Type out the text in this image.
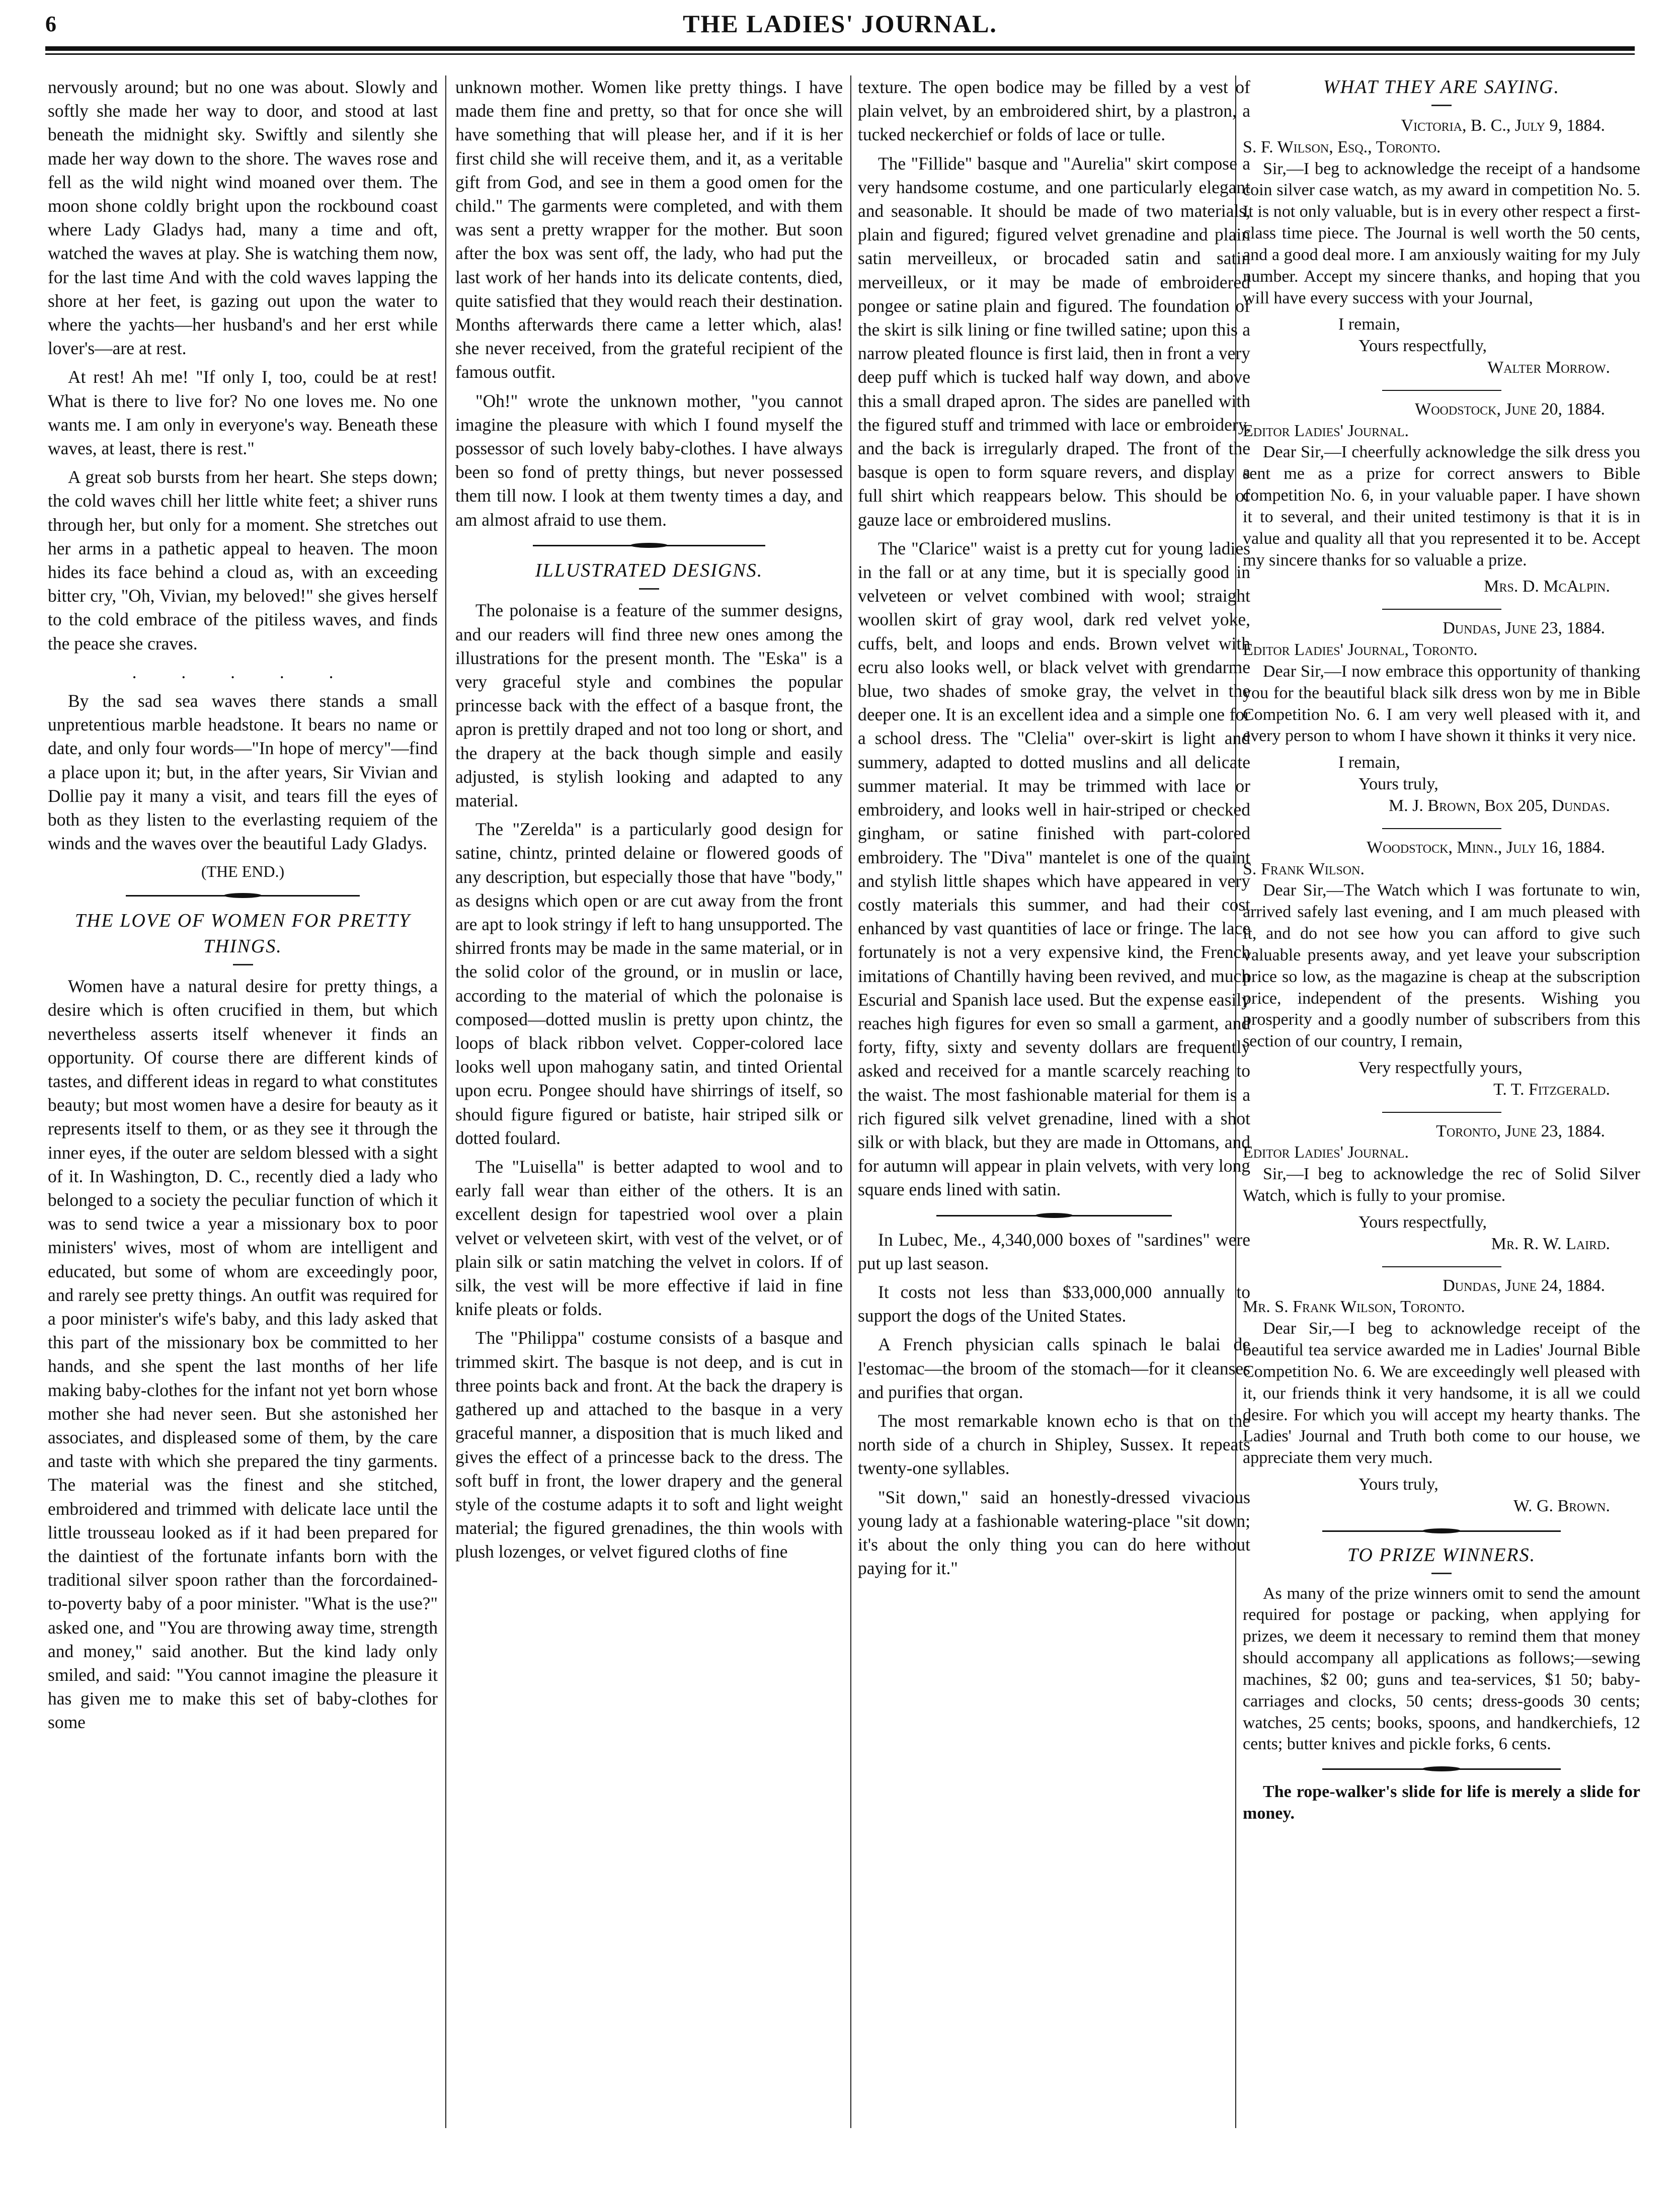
6	THE LADIES' JOURNAL.

nervously around; but no one was about. Slowly and softly she made her way to door, and stood at last beneath the midnight sky. Swiftly and silently she made her way down to the shore. The waves rose and fell as the wild night wind moaned over them. The moon shone coldly bright upon the rockbound coast where Lady Gladys had, many a time and oft, watched the waves at play. She is watching them now, for the last time And with the cold waves lapping the shore at her feet, is gazing out upon the water to where the yachts—her husband's and her erst while lover's—are at rest.

At rest! Ah me! "If only I, too, could be at rest! What is there to live for? No one loves me. No one wants me. I am only in everyone's way. Beneath these waves, at least, there is rest."

A great sob bursts from her heart. She steps down; the cold waves chill her little white feet; a shiver runs through her, but only for a moment. She stretches out her arms in a pathetic appeal to heaven. The moon hides its face behind a cloud as, with an exceeding bitter cry, "Oh, Vivian, my beloved!" she gives herself to the cold embrace of the pitiless waves, and finds the peace she craves.

. . . . .

By the sad sea waves there stands a small unpretentious marble headstone. It bears no name or date, and only four words—"In hope of mercy"—find a place upon it; but, in the after years, Sir Vivian and Dollie pay it many a visit, and tears fill the eyes of both as they listen to the everlasting requiem of the winds and the waves over the beautiful Lady Gladys.

(THE END.)
THE LOVE OF WOMEN FOR PRETTY THINGS.

Women have a natural desire for pretty things, a desire which is often crucified in them, but which nevertheless asserts itself whenever it finds an opportunity. Of course there are different kinds of tastes, and different ideas in regard to what constitutes beauty; but most women have a desire for beauty as it represents itself to them, or as they see it through the inner eyes, if the outer are seldom blessed with a sight of it. In Washington, D. C., recently died a lady who belonged to a society the peculiar function of which it was to send twice a year a missionary box to poor ministers' wives, most of whom are intelligent and educated, but some of whom are exceedingly poor, and rarely see pretty things. An outfit was required for a poor minister's wife's baby, and this lady asked that this part of the missionary box be committed to her hands, and she spent the last months of her life making baby-clothes for the infant not yet born whose mother she had never seen. But she astonished her associates, and displeased some of them, by the care and taste with which she prepared the tiny garments. The material was the finest and she stitched, embroidered and trimmed with delicate lace until the little trousseau looked as if it had been prepared for the daintiest of the fortunate infants born with the traditional silver spoon rather than the forcordained-to-poverty baby of a poor minister. "What is the use?" asked one, and "You are throwing away time, strength and money," said another. But the kind lady only smiled, and said: "You cannot imagine the pleasure it has given me to make this set of baby-clothes for some

unknown mother. Women like pretty things. I have made them fine and pretty, so that for once she will have something that will please her, and if it is her first child she will receive them, and it, as a veritable gift from God, and see in them a good omen for the child." The garments were completed, and with them was sent a pretty wrapper for the mother. But soon after the box was sent off, the lady, who had put the last work of her hands into its delicate contents, died, quite satisfied that they would reach their destination. Months afterwards there came a letter which, alas! she never received, from the grateful recipient of the famous outfit.

"Oh!" wrote the unknown mother, "you cannot imagine the pleasure with which I found myself the possessor of such lovely baby-clothes. I have always been so fond of pretty things, but never possessed them till now. I look at them twenty times a day, and am almost afraid to use them.

ILLUSTRATED DESIGNS.

The polonaise is a feature of the summer designs, and our readers will find three new ones among the illustrations for the present month. The "Eska" is a very graceful style and combines the popular princesse back with the effect of a basque front, the apron is prettily draped and not too long or short, and the drapery at the back though simple and easily adjusted, is stylish looking and adapted to any material.

The "Zerelda" is a particularly good design for satine, chintz, printed delaine or flowered goods of any description, but especially those that have "body," as designs which open or are cut away from the front are apt to look stringy if left to hang unsupported. The shirred fronts may be made in the same material, or in the solid color of the ground, or in muslin or lace, according to the material of which the polonaise is composed—dotted muslin is pretty upon chintz, the loops of black ribbon velvet. Copper-colored lace looks well upon mahogany satin, and tinted Oriental upon ecru. Pongee should have shirrings of itself, so should figure figured or batiste, hair striped silk or dotted foulard.

The "Luisella" is better adapted to wool and to early fall wear than either of the others. It is an excellent design for tapestried wool over a plain velvet or velveteen skirt, with vest of the velvet, or of plain silk or satin matching the velvet in colors. If of silk, the vest will be more effective if laid in fine knife pleats or folds.

The "Philippa" costume consists of a basque and trimmed skirt. The basque is not deep, and is cut in three points back and front. At the back the drapery is gathered up and attached to the basque in a very graceful manner, a disposition that is much liked and gives the effect of a princesse back to the dress. The soft buff in front, the lower drapery and the general style of the costume adapts it to soft and light weight material; the figured grenadines, the thin wools with plush lozenges, or velvet figured cloths of fine

texture. The open bodice may be filled by a vest of plain velvet, by an embroidered shirt, by a plastron, a tucked neckerchief or folds of lace or tulle.

The "Fillide" basque and "Aurelia" skirt compose a very handsome costume, and one particularly elegant and seasonable. It should be made of two materials, plain and figured; figured velvet grenadine and plain satin merveilleux, or brocaded satin and satin merveilleux, or it may be made of embroidered pongee or satine plain and figured. The foundation of the skirt is silk lining or fine twilled satine; upon this a narrow pleated flounce is first laid, then in front a very deep puff which is tucked half way down, and above this a small draped apron. The sides are panelled with the figured stuff and trimmed with lace or embroidery, and the back is irregularly draped. The front of the basque is open to form square revers, and display a full shirt which reappears below. This should be of gauze lace or embroidered muslins.

The "Clarice" waist is a pretty cut for young ladies in the fall or at any time, but it is specially good in velveteen or velvet combined with wool; straight woollen skirt of gray wool, dark red velvet yoke, cuffs, belt, and loops and ends. Brown velvet with ecru also looks well, or black velvet with grendarme blue, two shades of smoke gray, the velvet in the deeper one. It is an excellent idea and a simple one for a school dress. The "Clelia" over-skirt is light and summery, adapted to dotted muslins and all delicate summer material. It may be trimmed with lace or embroidery, and looks well in hair-striped or checked gingham, or satine finished with part-colored embroidery. The "Diva" mantelet is one of the quaint and stylish little shapes which have appeared in very costly materials this summer, and had their cost enhanced by vast quantities of lace or fringe. The lace fortunately is not a very expensive kind, the French imitations of Chantilly having been revived, and much Escurial and Spanish lace used. But the expense easily reaches high figures for even so small a garment, and forty, fifty, sixty and seventy dollars are frequently asked and received for a mantle scarcely reaching to the waist. The most fashionable material for them is a rich figured silk velvet grenadine, lined with a shot silk or with black, but they are made in Ottomans, and for autumn will appear in plain velvets, with very long square ends lined with satin.

In Lubec, Me., 4,340,000 boxes of "sardines" were put up last season.

It costs not less than $33,000,000 annually to support the dogs of the United States.

A French physician calls spinach le balai de l'estomac—the broom of the stomach—for it cleanses and purifies that organ.

The most remarkable known echo is that on the north side of a church in Shipley, Sussex. It repeats twenty-one syllables.

"Sit down," said an honestly-dressed vivacious young lady at a fashionable watering-place "sit down; it's about the only thing you can do here without paying for it."

WHAT THEY ARE SAYING.
Victoria, B. C., July 9, 1884.
S. F. Wilson, Esq., Toronto.

Sir,—I beg to acknowledge the receipt of a handsome coin silver case watch, as my award in competition No. 5. It is not only valuable, but is in every other respect a first-class time piece. The Journal is well worth the 50 cents, and a good deal more. I am anxiously waiting for my July number. Accept my sincere thanks, and hoping that you will have every success with your Journal,

I remain,
Yours respectfully,
Walter Morrow.
Woodstock, June 20, 1884.
Editor Ladies' Journal.

Dear Sir,—I cheerfully acknowledge the silk dress you sent me as a prize for correct answers to Bible competition No. 6, in your valuable paper. I have shown it to several, and their united testimony is that it is in value and quality all that you represented it to be. Accept my sincere thanks for so valuable a prize.

Mrs. D. McAlpin.
Dundas, June 23, 1884.
Editor Ladies' Journal, Toronto.

Dear Sir,—I now embrace this opportunity of thanking you for the beautiful black silk dress won by me in Bible Competition No. 6. I am very well pleased with it, and every person to whom I have shown it thinks it very nice.

I remain,
Yours truly,
M. J. Brown, Box 205, Dundas.
Woodstock, Minn., July 16, 1884.
S. Frank Wilson.

Dear Sir,—The Watch which I was fortunate to win, arrived safely last evening, and I am much pleased with it, and do not see how you can afford to give such valuable presents away, and yet leave your subscription price so low, as the magazine is cheap at the subscription price, independent of the presents. Wishing you prosperity and a goodly number of subscribers from this section of our country, I remain,

Very respectfully yours,
T. T. Fitzgerald.
Toronto, June 23, 1884.
Editor Ladies' Journal.

Sir,—I beg to acknowledge the rec of Solid Silver Watch, which is fully to your promise.

Yours respectfully,
Mr. R. W. Laird.
Dundas, June 24, 1884.
Mr. S. Frank Wilson, Toronto.

Dear Sir,—I beg to acknowledge receipt of the beautiful tea service awarded me in Ladies' Journal Bible Competition No. 6. We are exceedingly well pleased with it, our friends think it very handsome, it is all we could desire. For which you will accept my hearty thanks. The Ladies' Journal and Truth both come to our house, we appreciate them very much.

Yours truly,
W. G. Brown.
TO PRIZE WINNERS.

As many of the prize winners omit to send the amount required for postage or packing, when applying for prizes, we deem it necessary to remind them that money should accompany all applications as follows;—sewing machines, $2 00; guns and tea-services, $1 50; baby-carriages and clocks, 50 cents; dress-goods 30 cents; watches, 25 cents; books, spoons, and handkerchiefs, 12 cents; butter knives and pickle forks, 6 cents.

The rope-walker's slide for life is merely a slide for money.
